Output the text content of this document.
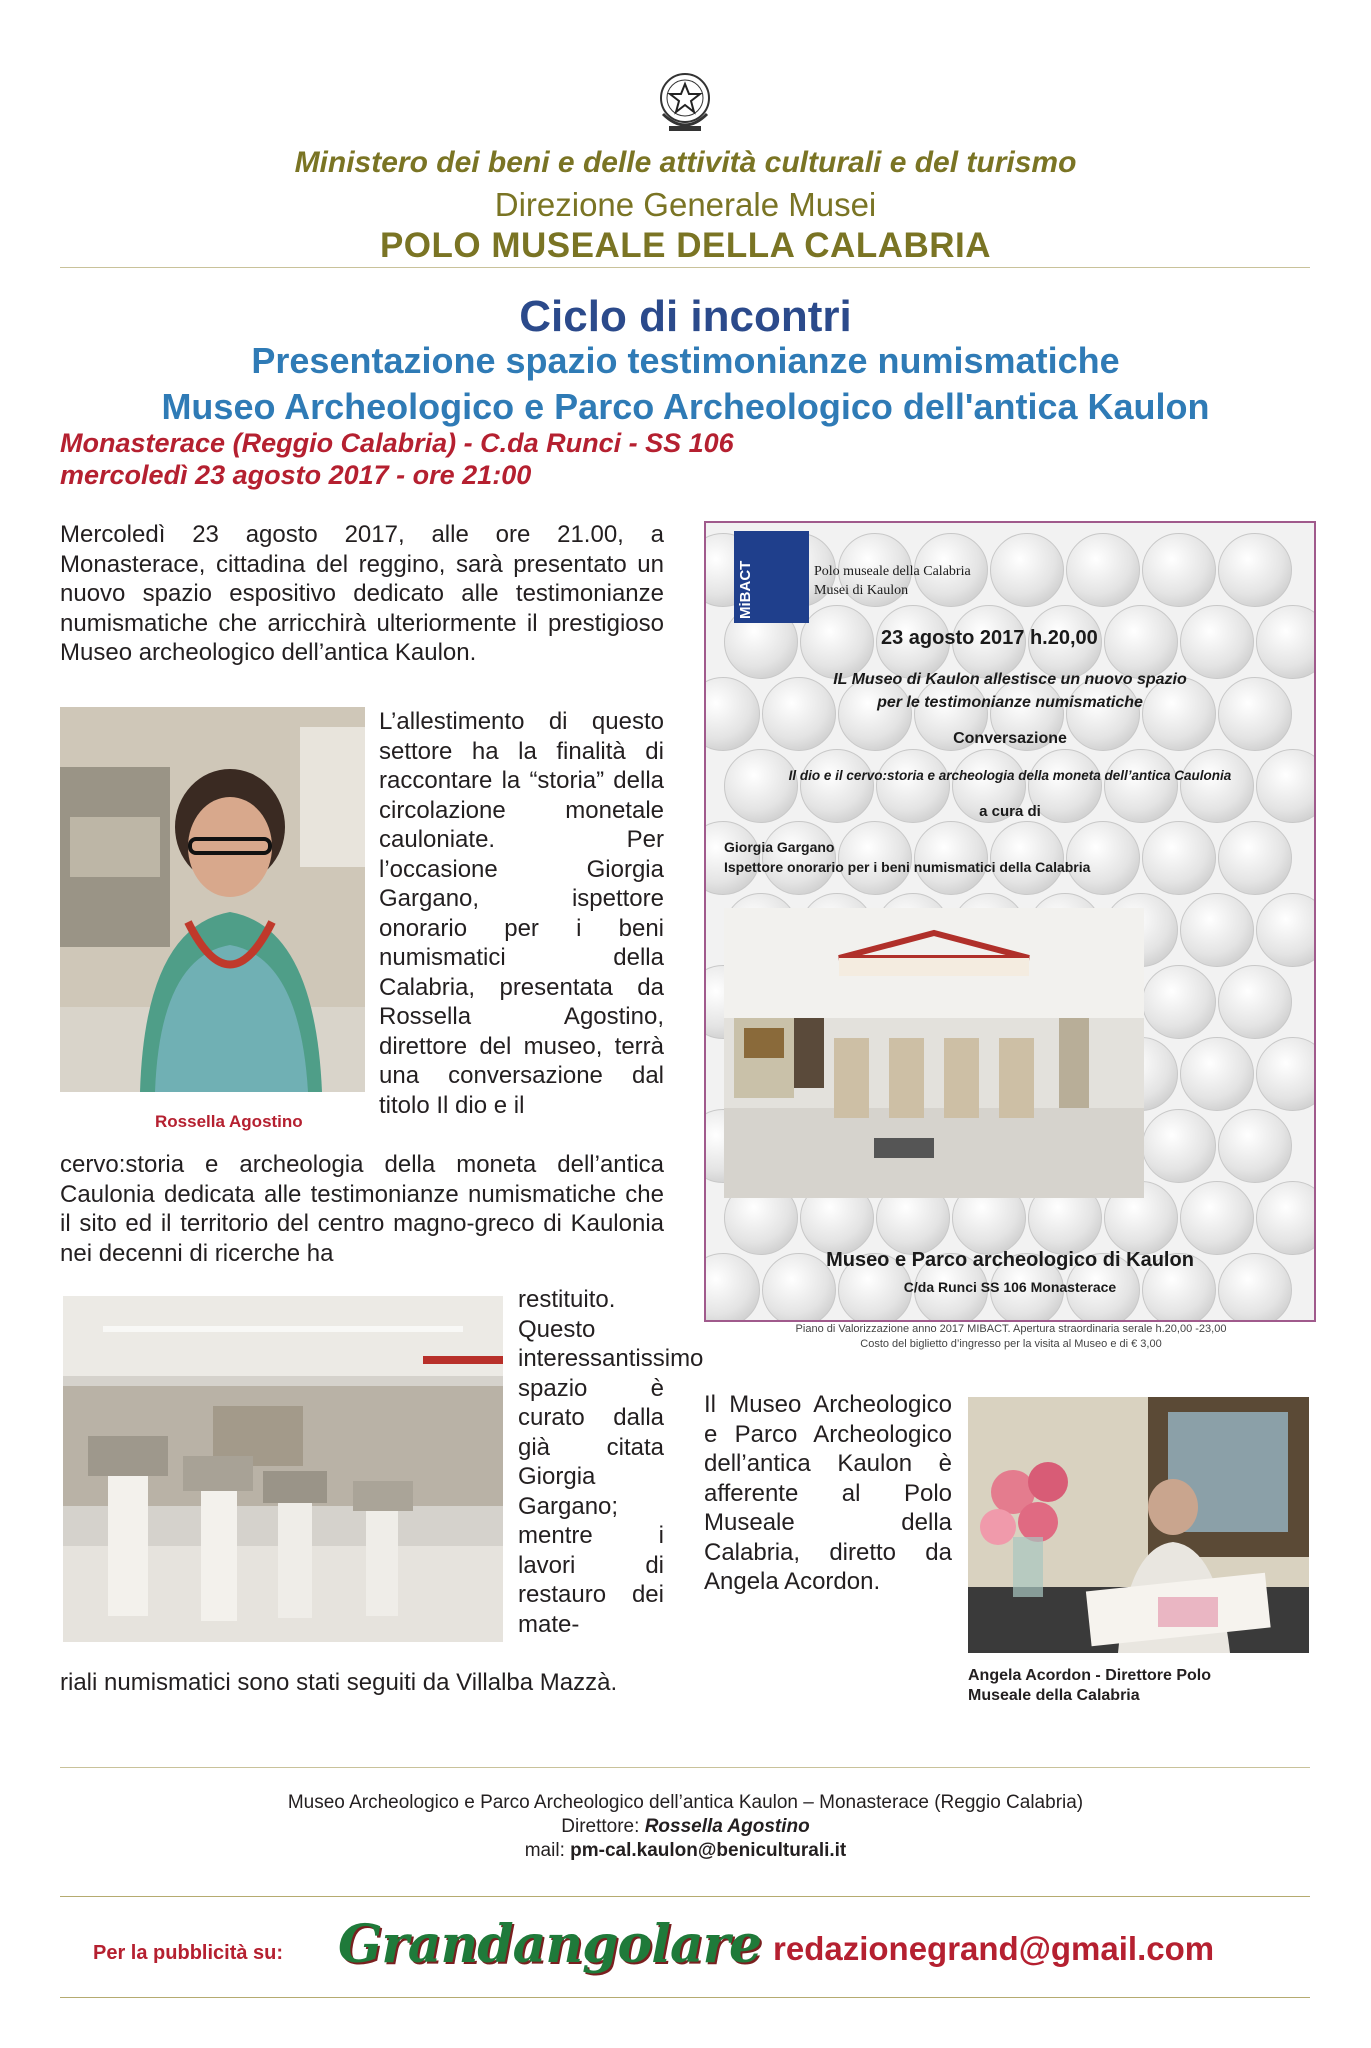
Ministero dei beni e delle attività culturali e del turismo
Direzione Generale Musei
POLO MUSEALE DELLA CALABRIA
Ciclo di incontri
Presentazione spazio testimonianze numismatiche
Museo Archeologico e Parco Archeologico dell'antica Kaulon
Monasterace (Reggio Calabria) - C.da Runci - SS 106
mercoledì 23 agosto 2017 - ore 21:00
Mercoledì 23 agosto 2017, alle ore 21.00, a Monasterace, cittadina del reggino, sarà presentato un nuovo spazio espositivo dedicato alle testimonianze numismatiche che arricchirà ulteriormente il prestigioso Museo archeologico dell’antica Kaulon.
Rossella Agostino
L’allestimento di questo settore ha la finalità di raccontare la “storia” della circolazione monetale cauloniate. Per l’occasione Giorgia Gargano, ispettore onorario per i beni numismatici della Calabria, presentata da Rossella Agostino, direttore del museo, terrà una conversazione dal titolo Il dio e il
cervo:storia e archeologia della moneta dell’antica Caulonia dedicata alle testimonianze numismatiche che il sito ed il territorio del centro magno-greco di Kaulonia nei decenni di ricerche ha
restituito. Questo interessantissimo spazio è curato dalla già citata Giorgia Gargano; mentre i lavori di restauro dei mate-
riali numismatici sono stati seguiti da Villalba Mazzà.
MiBACT	Polo museale della Calabria
Musei di Kaulon
23 agosto 2017 h.20,00
IL Museo di Kaulon allestisce un nuovo spazio
per le testimonianze numismatiche
Conversazione
Il dio e il cervo:storia e archeologia della moneta dell’antica Caulonia
a cura di
Giorgia Gargano
Ispettore onorario per i beni numismatici della Calabria
Museo e Parco archeologico di Kaulon
C/da Runci SS 106 Monasterace
Piano di Valorizzazione anno 2017 MIBACT. Apertura straordinaria serale h.20,00 -23,00
Costo del biglietto d’ingresso per la visita al Museo e di € 3,00
Il Museo Archeologico e Parco Archeologico dell’antica Kaulon è afferente al Polo Museale della Calabria, diretto da Angela Acordon.
Angela Acordon - Direttore Polo
Museale della Calabria
Museo Archeologico e Parco Archeologico dell’antica Kaulon – Monasterace (Reggio Calabria)
Direttore: Rossella Agostino
mail: pm-cal.kaulon@beniculturali.it
Per la pubblicità su: Grandangolare redazionegrand@gmail.com
